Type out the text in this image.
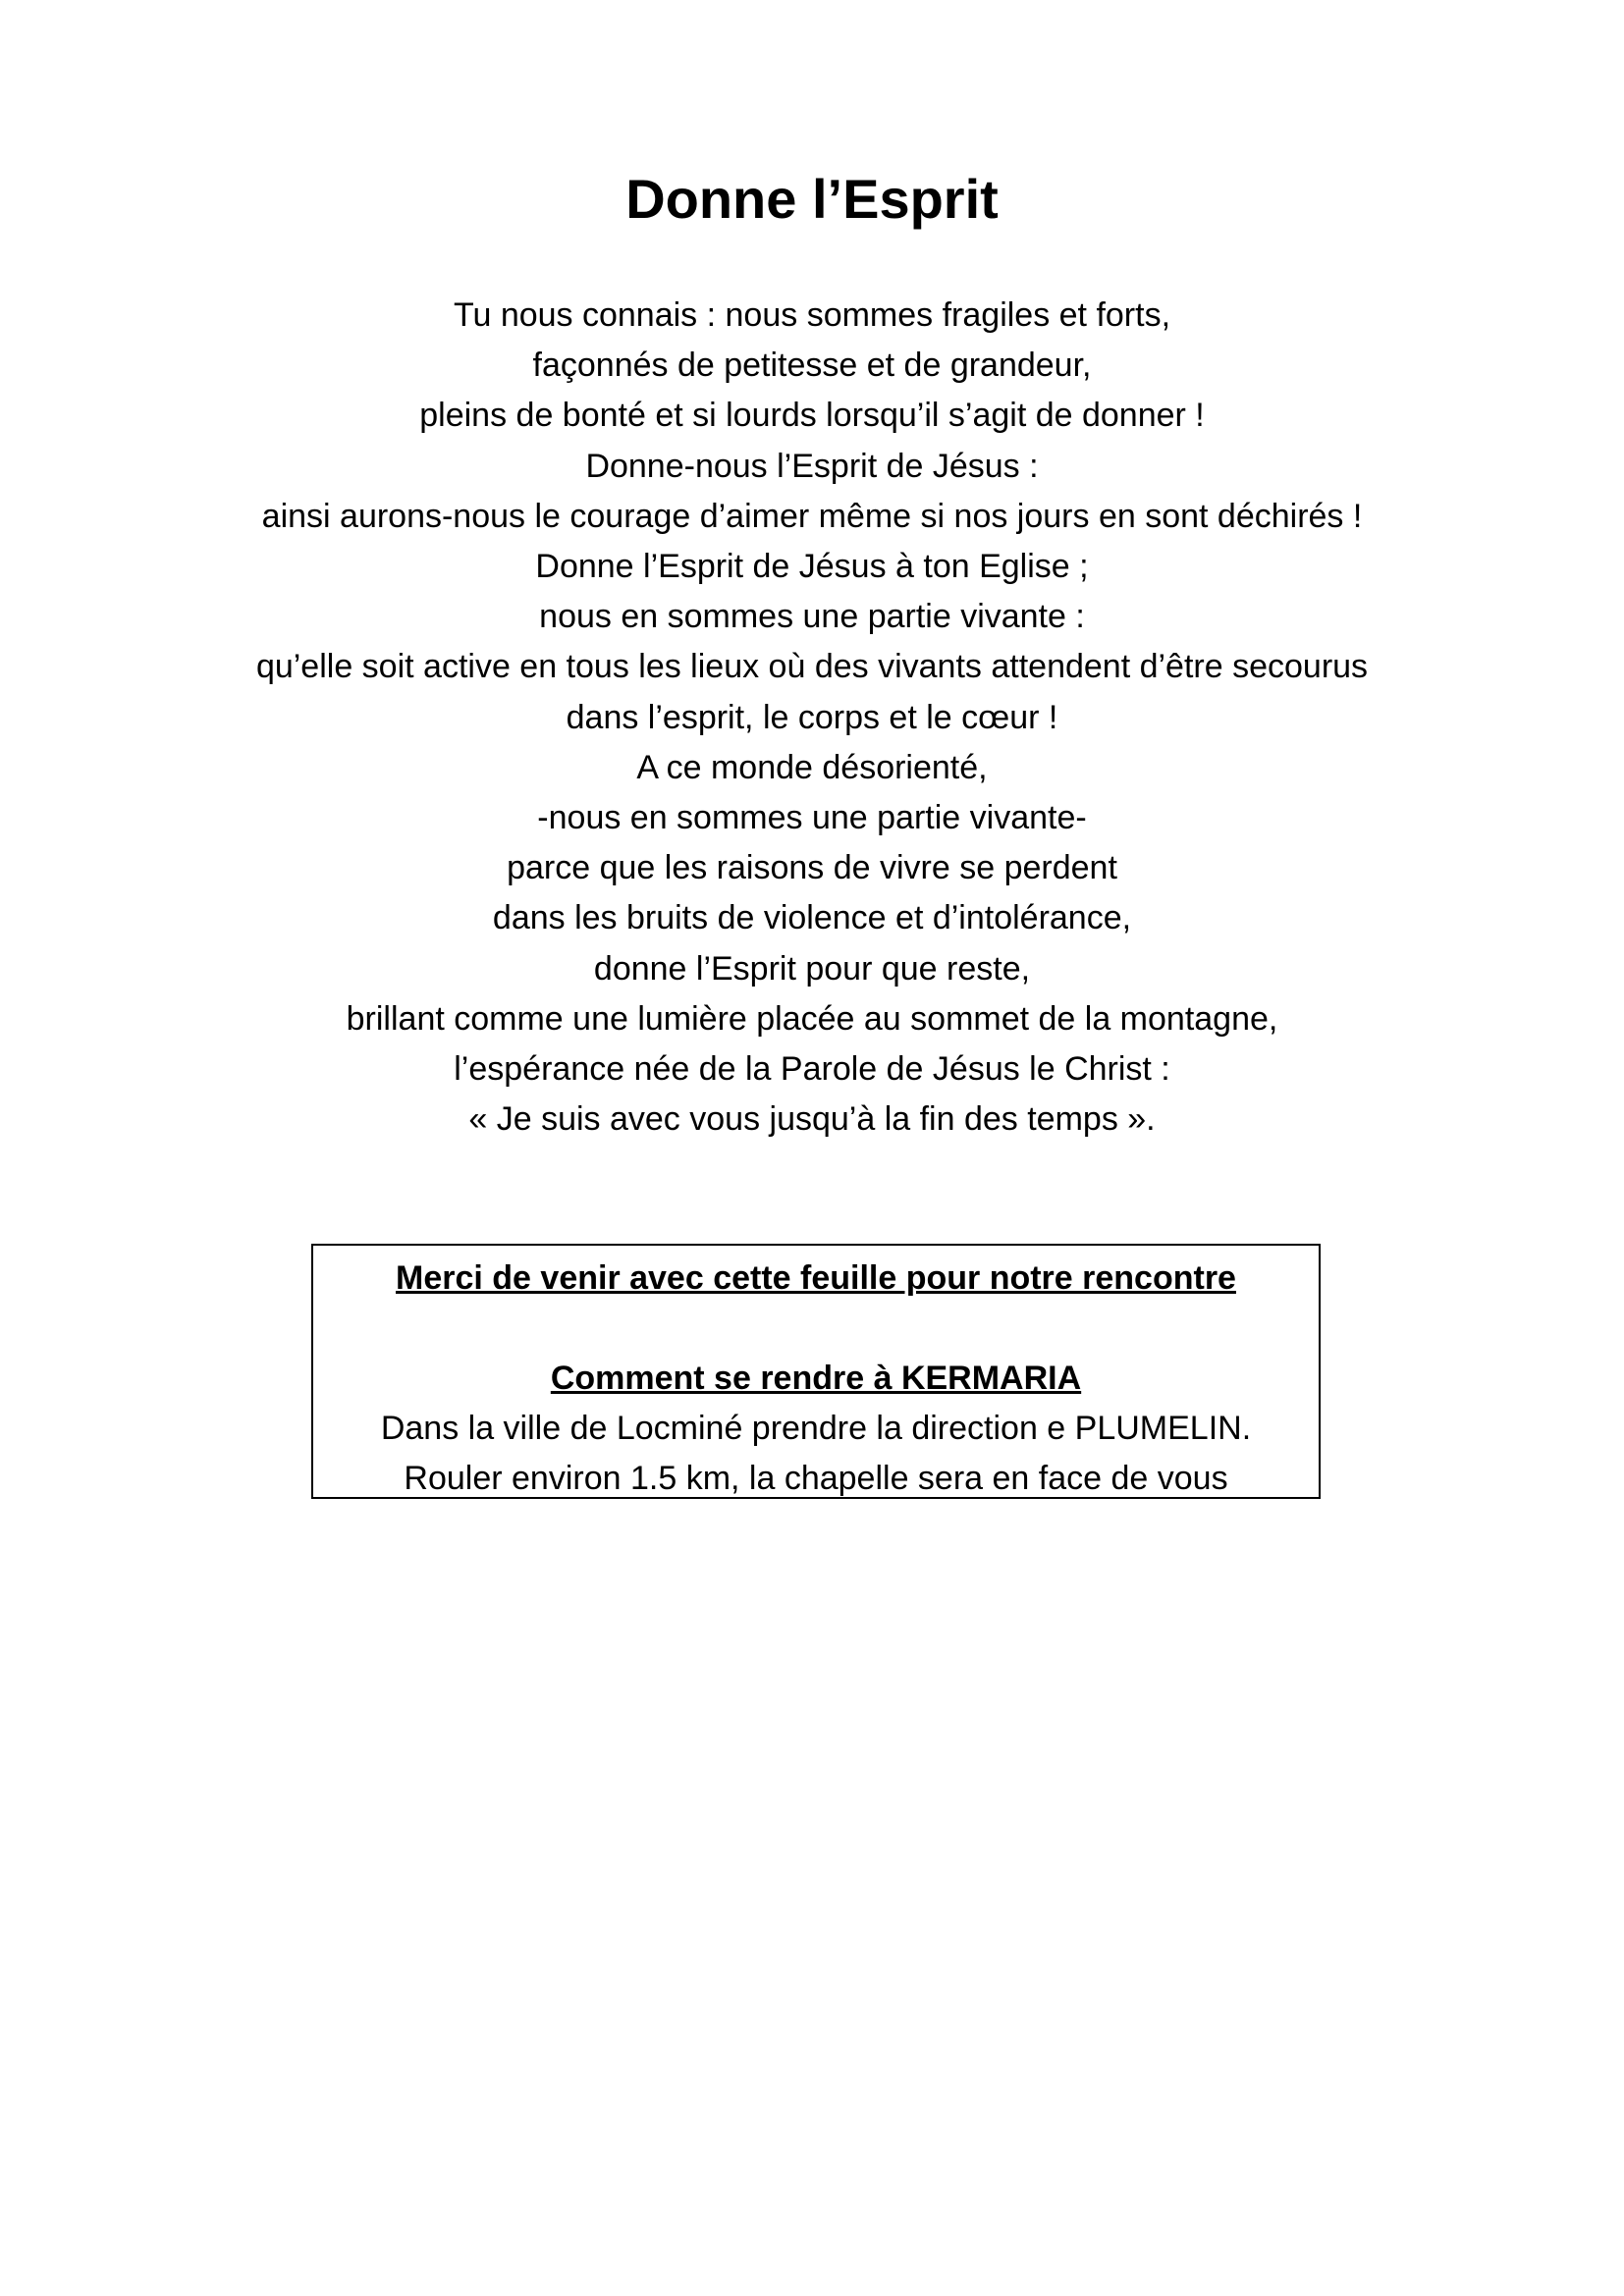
Donne l’Esprit
Tu nous connais : nous sommes fragiles et forts,
façonnés de petitesse et de grandeur,
pleins de bonté et si lourds lorsqu’il s’agit de donner !
Donne-nous l’Esprit de Jésus :
ainsi aurons-nous le courage d’aimer même si nos jours en sont déchirés !
Donne l’Esprit de Jésus à ton Eglise ;
nous en sommes une partie vivante :
qu’elle soit active en tous les lieux où des vivants attendent d’être secourus
dans l’esprit, le corps et le cœur !
A ce monde désorienté,
-nous en sommes une partie vivante-
parce que les raisons de vivre se perdent
dans les bruits de violence et d’intolérance,
donne l’Esprit pour que reste,
brillant comme une lumière placée au sommet de la montagne,
l’espérance née de la Parole de Jésus le Christ :
« Je suis avec vous jusqu’à la fin des temps ».
Merci de venir avec cette feuille pour notre rencontre
Comment se rendre à KERMARIA
Dans la ville de Locminé prendre la direction e PLUMELIN.
Rouler environ 1.5 km, la chapelle sera en face de vous
